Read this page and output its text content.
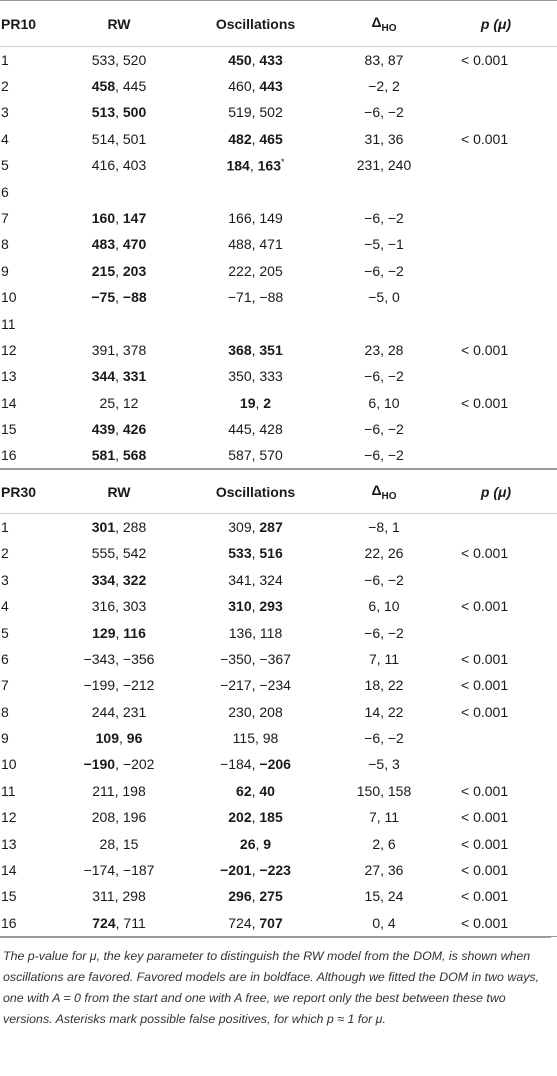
PR10	RW	Oscillations	$\Delta_{HO}$	p (μ)
1	533, 520	450, 433	83, 87	< 0.001
2	458, 445	460, 443	−2, 2	
3	513, 500	519, 502	−6, −2	
4	514, 501	482, 465	31, 36	< 0.001
5	416, 403	184, 163*	231, 240	
6				
7	160, 147	166, 149	−6, −2	
8	483, 470	488, 471	−5, −1	
9	215, 203	222, 205	−6, −2	
10	−75, −88	−71, −88	−5, 0	
11				
12	391, 378	368, 351	23, 28	< 0.001
13	344, 331	350, 333	−6, −2	
14	25, 12	19, 2	6, 10	< 0.001
15	439, 426	445, 428	−6, −2	
16	581, 568	587, 570	−6, −2	
PR30	RW	Oscillations	$\Delta_{HO}$	p (μ)
1	301, 288	309, 287	−8, 1	
2	555, 542	533, 516	22, 26	< 0.001
3	334, 322	341, 324	−6, −2	
4	316, 303	310, 293	6, 10	< 0.001
5	129, 116	136, 118	−6, −2	
6	−343, −356	−350, −367	7, 11	< 0.001
7	−199, −212	−217, −234	18, 22	< 0.001
8	244, 231	230, 208	14, 22	< 0.001
9	109, 96	115, 98	−6, −2	
10	−190, −202	−184, −206	−5, 3	
11	211, 198	62, 40	150, 158	< 0.001
12	208, 196	202, 185	7, 11	< 0.001
13	28, 15	26, 9	2, 6	< 0.001
14	−174, −187	−201, −223	27, 36	< 0.001
15	311, 298	296, 275	15, 24	< 0.001
16	724, 711	724, 707	0, 4	< 0.001
The p-value for μ, the key parameter to distinguish the RW model from the DOM, is shown when oscillations are favored. Favored models are in boldface. Although we fitted the DOM in two ways, one with A = 0 from the start and one with A free, we report only the best between these two versions. Asterisks mark possible false positives, for which p ≈ 1 for μ.
